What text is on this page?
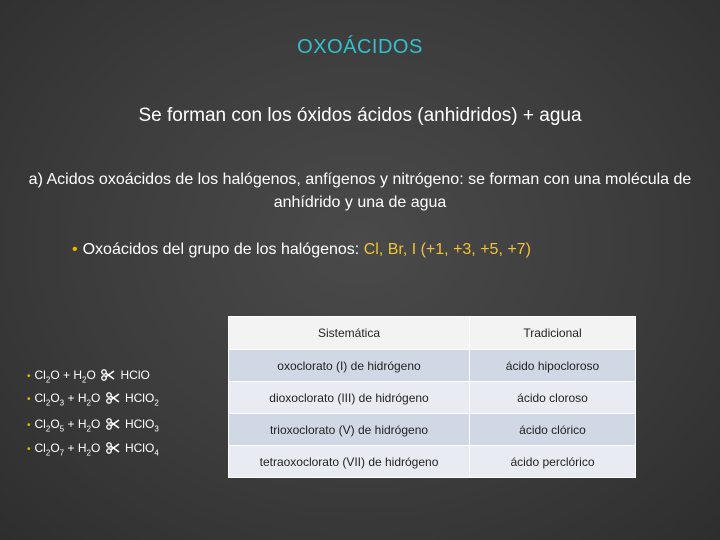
OXOÁCIDOS
Se forman con los óxidos ácidos (anhidridos) + agua
a) Acidos oxoácidos de los halógenos, anfígenos y nitrógeno: se forman con una molécula de anhídrido y una de agua
• Oxoácidos del grupo de los halógenos: Cl, Br, I (+1, +3, +5, +7)
• $Cl_2O + H_2O$ HClO
• $Cl_2O_3 + H_2O$ HClO$_2$
• $Cl_2O_5 + H_2O$ HClO$_3$
• $Cl_2O_7 + H_2O$ HClO$_4$
Sistemática	Tradicional
oxoclorato (I) de hidrógeno	ácido hipocloroso
dioxoclorato (III) de hidrógeno	ácido cloroso
trioxoclorato (V) de hidrógeno	ácido clórico
tetraoxoclorato (VII) de hidrógeno	ácido perclórico
